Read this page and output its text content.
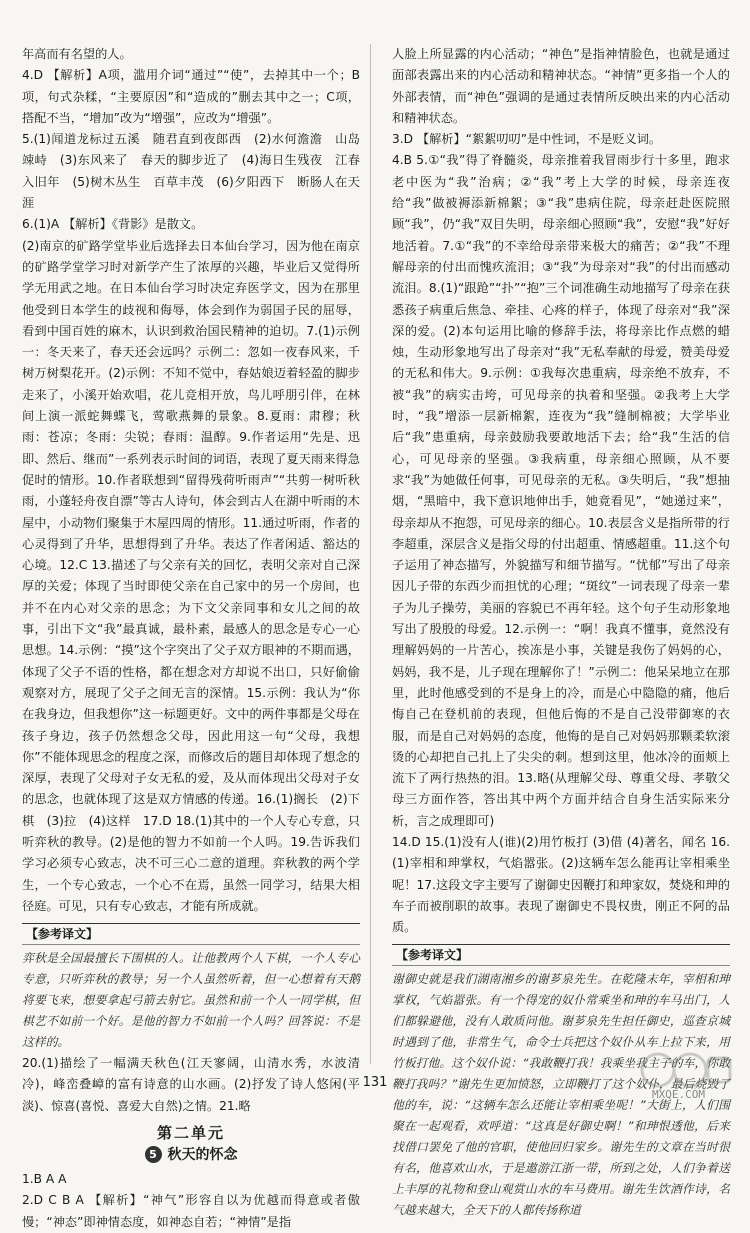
年高而有名望的人。

4.D 【解析】A项，滥用介词“通过”“使”，去掉其中一个；B项，句式杂糅，“主要原因”和“造成的”删去其中之一；C项，搭配不当，“增加”改为“增强”，应改为“增强”。

5.(1)闻道龙标过五溪　随君直到夜郎西　(2)水何澹澹　山岛竦峙　(3)东风来了　春天的脚步近了　(4)海日生残夜　江春入旧年　(5)树木丛生　百草丰茂　(6)夕阳西下　断肠人在天涯

6.(1)A 【解析】《背影》是散文。

(2)南京的矿路学堂毕业后选择去日本仙台学习，因为他在南京的矿路学堂学习时对新学产生了浓厚的兴趣，毕业后又觉得所学无用武之地。在日本仙台学习时决定弃医学文，因为在那里他受到日本学生的歧视和侮辱，体会到作为弱国子民的屈辱，看到中国百姓的麻木，认识到救治国民精神的迫切。7.(1)示例一：冬天来了，春天还会远吗？示例二：忽如一夜春风来，千树万树梨花开。(2)示例：不知不觉中，春姑娘迈着轻盈的脚步走来了，小溪开始欢唱，花儿竞相开放，鸟儿呼朋引伴，在林间上演一派蛇舞蝶飞，莺歌燕舞的景象。8.夏雨：肃穆；秋雨：苍凉；冬雨：尖锐；春雨：温醇。9.作者运用“先是、迅即、然后、继而”一系列表示时间的词语，表现了夏天雨来得急促时的情形。10.作者联想到“留得残荷听雨声”“共剪一树听秋雨，小蓬轻舟夜自漂”等古人诗句，体会到古人在湖中听雨的木屋中，小动物们聚集于木屋四周的情形。11.通过听雨，作者的心灵得到了升华，思想得到了升华。表达了作者闲适、豁达的心境。12.C 13.描述了与父亲有关的回忆，表明父亲对自己深厚的关爱；体现了当时即使父亲在自己家中的另一个房间，也并不在内心对父亲的思念；为下文父亲同事和女儿之间的故事，引出下文“我”最真诚，最朴素，最感人的思念是专心一心思想。14.示例：“摸”这个字突出了父子双方眼神的不期而遇，体现了父子不语的性格，都在想念对方却说不出口，只好偷偷观察对方，展现了父子之间无言的深情。15.示例：我认为“你在我身边，但我想你”这一标题更好。文中的两件事都是父母在孩子身边，孩子仍然想念父母，因此用这一句“父母，我想你”不能体现思念的程度之深，而修改后的题目却体现了想念的深厚，表现了父母对子女无私的爱，及从而体现出父母对子女的思念，也就体现了这是双方情感的传递。16.(1)搁长　(2)下棋　(3)拉　(4)这样　17.D 18.(1)其中的一个人专心专意，只听弈秋的教导。(2)是他的智力不如前一个人吗。19.告诉我们学习必须专心致志，决不可三心二意的道理。弈秋教的两个学生，一个专心致志，一个心不在焉，虽然一同学习，结果大相径庭。可见，只有专心致志，才能有所成就。

【参考译文】

弈秋是全国最擅长下围棋的人。让他教两个人下棋，一个人专心专意，只听弈秋的教导；另一个人虽然听着，但一心想着有天鹅将要飞来，想要拿起弓箭去射它。虽然和前一个人一同学棋，但棋艺不如前一个好。是他的智力不如前一个人吗？回答说：不是这样的。

20.(1)描绘了一幅满天秋色(江天寥阔，山清水秀，水波清冷)，峰峦叠嶂的富有诗意的山水画。(2)抒发了诗人悠闲(平淡)、惊喜(喜悦、喜爱大自然)之情。21.略

第二单元
5 秋天的怀念

1.B A A

2.D C B A 【解析】“神气”形容自以为优越而得意或者傲慢；“神态”即神情态度，如神态自若；“神情”是指

人脸上所显露的内心活动；“神色”是指神情脸色，也就是通过面部表露出来的内心活动和精神状态。“神情”更多指一个人的外部表情，而“神色”强调的是通过表情所反映出来的内心活动和精神状态。

3.D 【解析】“絮絮叨叨”是中性词，不是贬义词。

4.B 5.①“我”得了脊髓炎，母亲推着我冒雨步行十多里，跑求老中医为“我”治病；②“我”考上大学的时候，母亲连夜给“我”做被褥添新棉絮；③“我”患病住院，母亲赶赴医院照顾“我”，仍“我”双目失明，母亲细心照顾“我”，安慰“我”好好地活着。7.①“我”的不幸给母亲带来极大的痛苦；②“我”不理解母亲的付出而愧疚流泪；③“我”为母亲对“我”的付出而感动流泪。8.(1)“跟跄”“扑”“抱”三个词准确生动地描写了母亲在获悉孩子病重后焦急、牵挂、心疼的样子，体现了母亲对“我”深深的爱。(2)本句运用比喻的修辞手法，将母亲比作点燃的蜡烛，生动形象地写出了母亲对“我”无私奉献的母爱，赞美母爱的无私和伟大。9.示例：①我每次患重病，母亲绝不放弃，不被“我”的病实击垮，可见母亲的执着和坚强。②我考上大学时，“我”增添一层新棉絮，连夜为“我”缝制棉被；大学毕业后“我”患重病，母亲鼓励我要敢地活下去；给“我”生活的信心，可见母亲的坚强。③我病重，母亲细心照顾，从不要求“我”为她做任何事，可见母亲的无私。③失明后，“我”想抽烟，“黑暗中，我下意识地伸出手，她竟看见”，“她递过来”，母亲却从不抱怨，可见母亲的细心。10.表层含义是指所带的行李超重，深层含义是指父母的付出超重、情感超重。11.这个句子运用了神态描写，外貌描写和细节描写。“忧郁”写出了母亲因儿子带的东西少而担忧的心理；“斑纹”一词表现了母亲一辈子为儿子操劳，美丽的容貌已不再年轻。这个句子生动形象地写出了殷殷的母爱。12.示例一：“啊！我真不懂事，竟然没有理解妈妈的一片苦心，挨冻是小事，关键是我伤了妈妈的心，妈妈，我不是，儿子现在理解你了！”示例二：他呆呆地立在那里，此时他感受到的不是身上的冷，而是心中隐隐的痛，他后悔自己在登机前的表现，但他后悔的不是自己没带御寒的衣服，而是自己对妈妈的态度，他悔的是自己对妈妈那颗柔软滚烫的心却把自己扎上了尖尖的刺。想到这里，他冰冷的面颊上流下了两行热热的泪。13.略(从理解父母、尊重父母、孝敬父母三方面作答，答出其中两个方面并结合自身生活实际来分析，言之成理即可)

14.D 15.(1)没有人(谁)(2)用竹板打 (3)借 (4)著名，闻名 16.(1)宰相和珅掌权，气焰嚣张。(2)这辆车怎么能再让宰相乘坐呢！17.这段文字主要写了谢御史因鞭打和珅家奴，焚烧和珅的车子而被削职的故事。表现了谢御史不畏权贵，刚正不阿的品质。

【参考译文】

谢御史就是我们湖南湘乡的谢芗泉先生。在乾隆末年，宰相和珅掌权，气焰嚣张。有一个得宠的奴仆常乘坐和珅的车马出门，人们都躲避他，没有人敢质问他。谢芗泉先生担任御史，巡查京城时遇到了他，非常生气，命令士兵把这个奴仆从车上拉下来，用竹板打他。这个奴仆说：“我敢鞭打我！我乘坐我主子的车，你敢鞭打我吗？”谢先生更加愤怒，立即鞭打了这个奴仆，最后烧毁了他的车，说：“这辆车怎么还能让宰相乘坐呢！”大街上，人们围聚在一起观看，欢呼道：“这真是好御史啊！”和珅恨透他，后来找借口罢免了他的官职，使他回归家乡。谢先生的文章在当时很有名，他喜欢山水，于是遨游江浙一带，所到之处，人们争着送上丰厚的礼物和登山观赏山水的车马费用。谢先生饮酒作诗，名气越来越大，全天下的人都传扬称道

131
MXQE.COM
